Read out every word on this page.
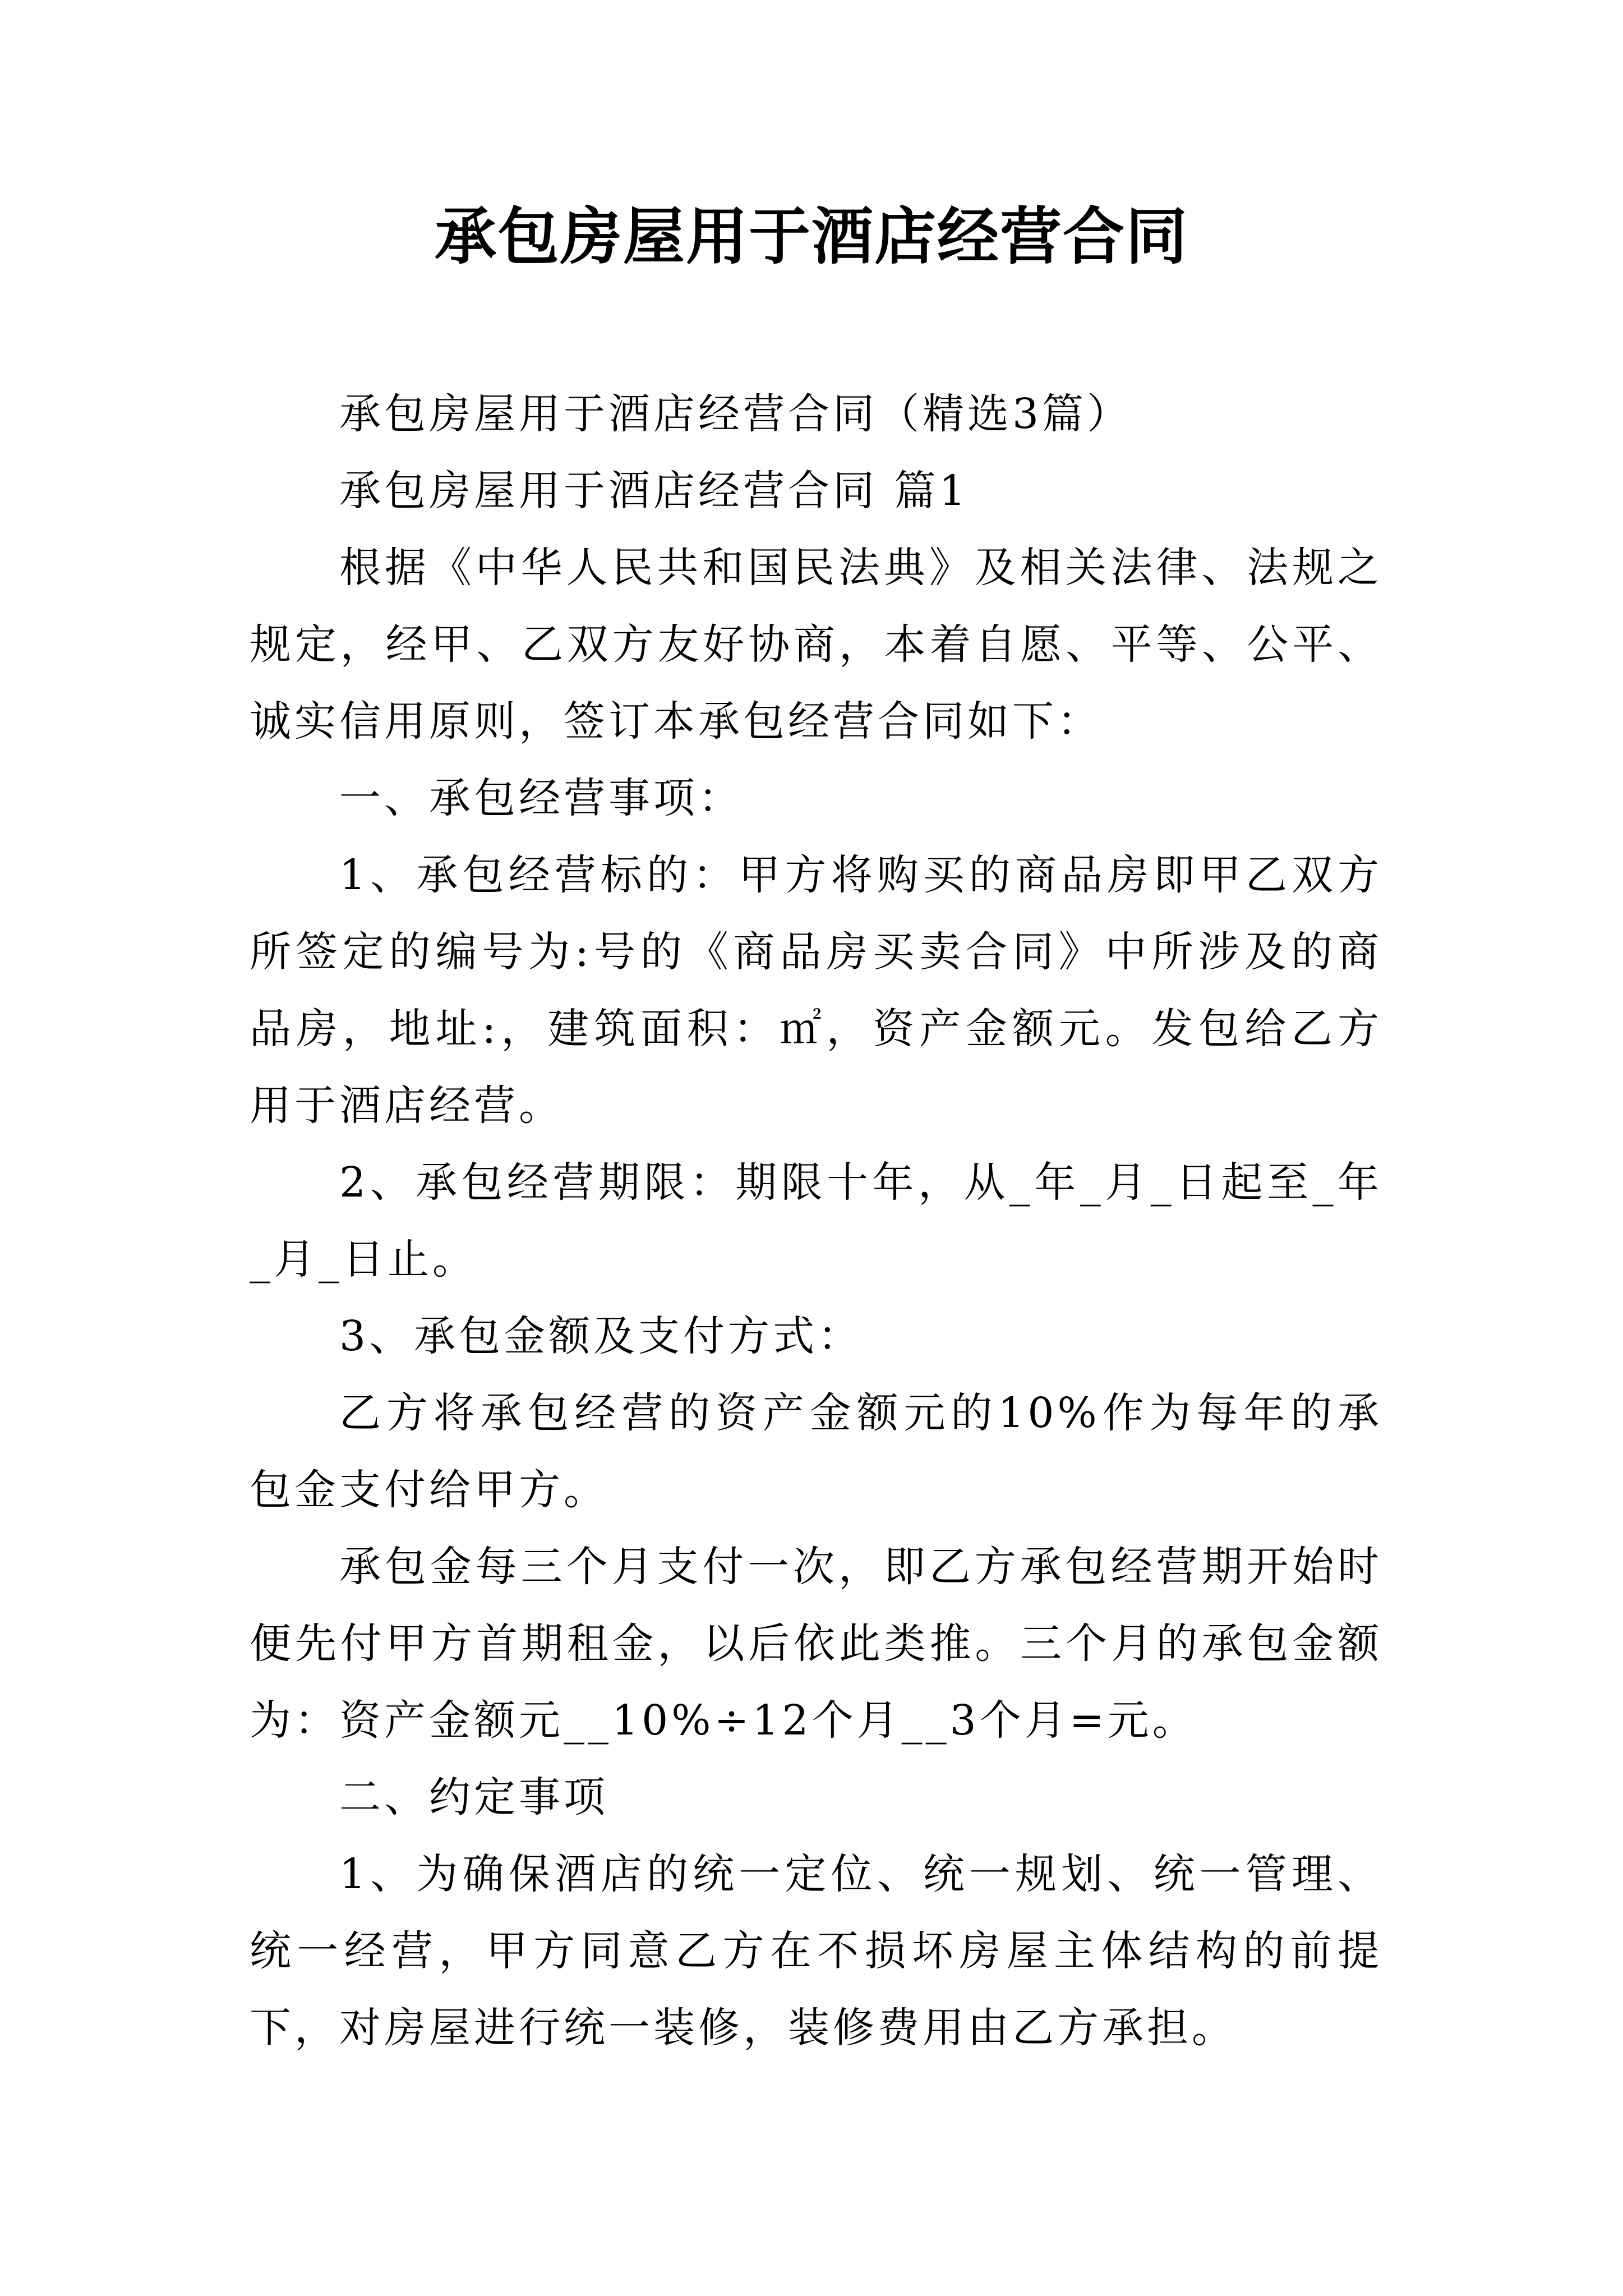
承包房屋用于酒店经营合同

承包房屋用于酒店经营合同（精选3篇）

承包房屋用于酒店经营合同 篇1

根据《中华人民共和国民法典》及相关法律、法规之规定，经甲、乙双方友好协商，本着自愿、平等、公平、诚实信用原则，签订本承包经营合同如下：

一、承包经营事项：

1、承包经营标的：甲方将购买的商品房即甲乙双方所签定的编号为:号的《商品房买卖合同》中所涉及的商品房，地址:，建筑面积：㎡，资产金额元。发包给乙方用于酒店经营。

2、承包经营期限：期限十年，从_年_月_日起至_年_月_日止。

3、承包金额及支付方式：

乙方将承包经营的资产金额元的10%作为每年的承包金支付给甲方。

承包金每三个月支付一次，即乙方承包经营期开始时便先付甲方首期租金，以后依此类推。三个月的承包金额为：资产金额元__10%÷12个月__3个月=元。

二、约定事项

1、为确保酒店的统一定位、统一规划、统一管理、统一经营，甲方同意乙方在不损坏房屋主体结构的前提下，对房屋进行统一装修，装修费用由乙方承担。
